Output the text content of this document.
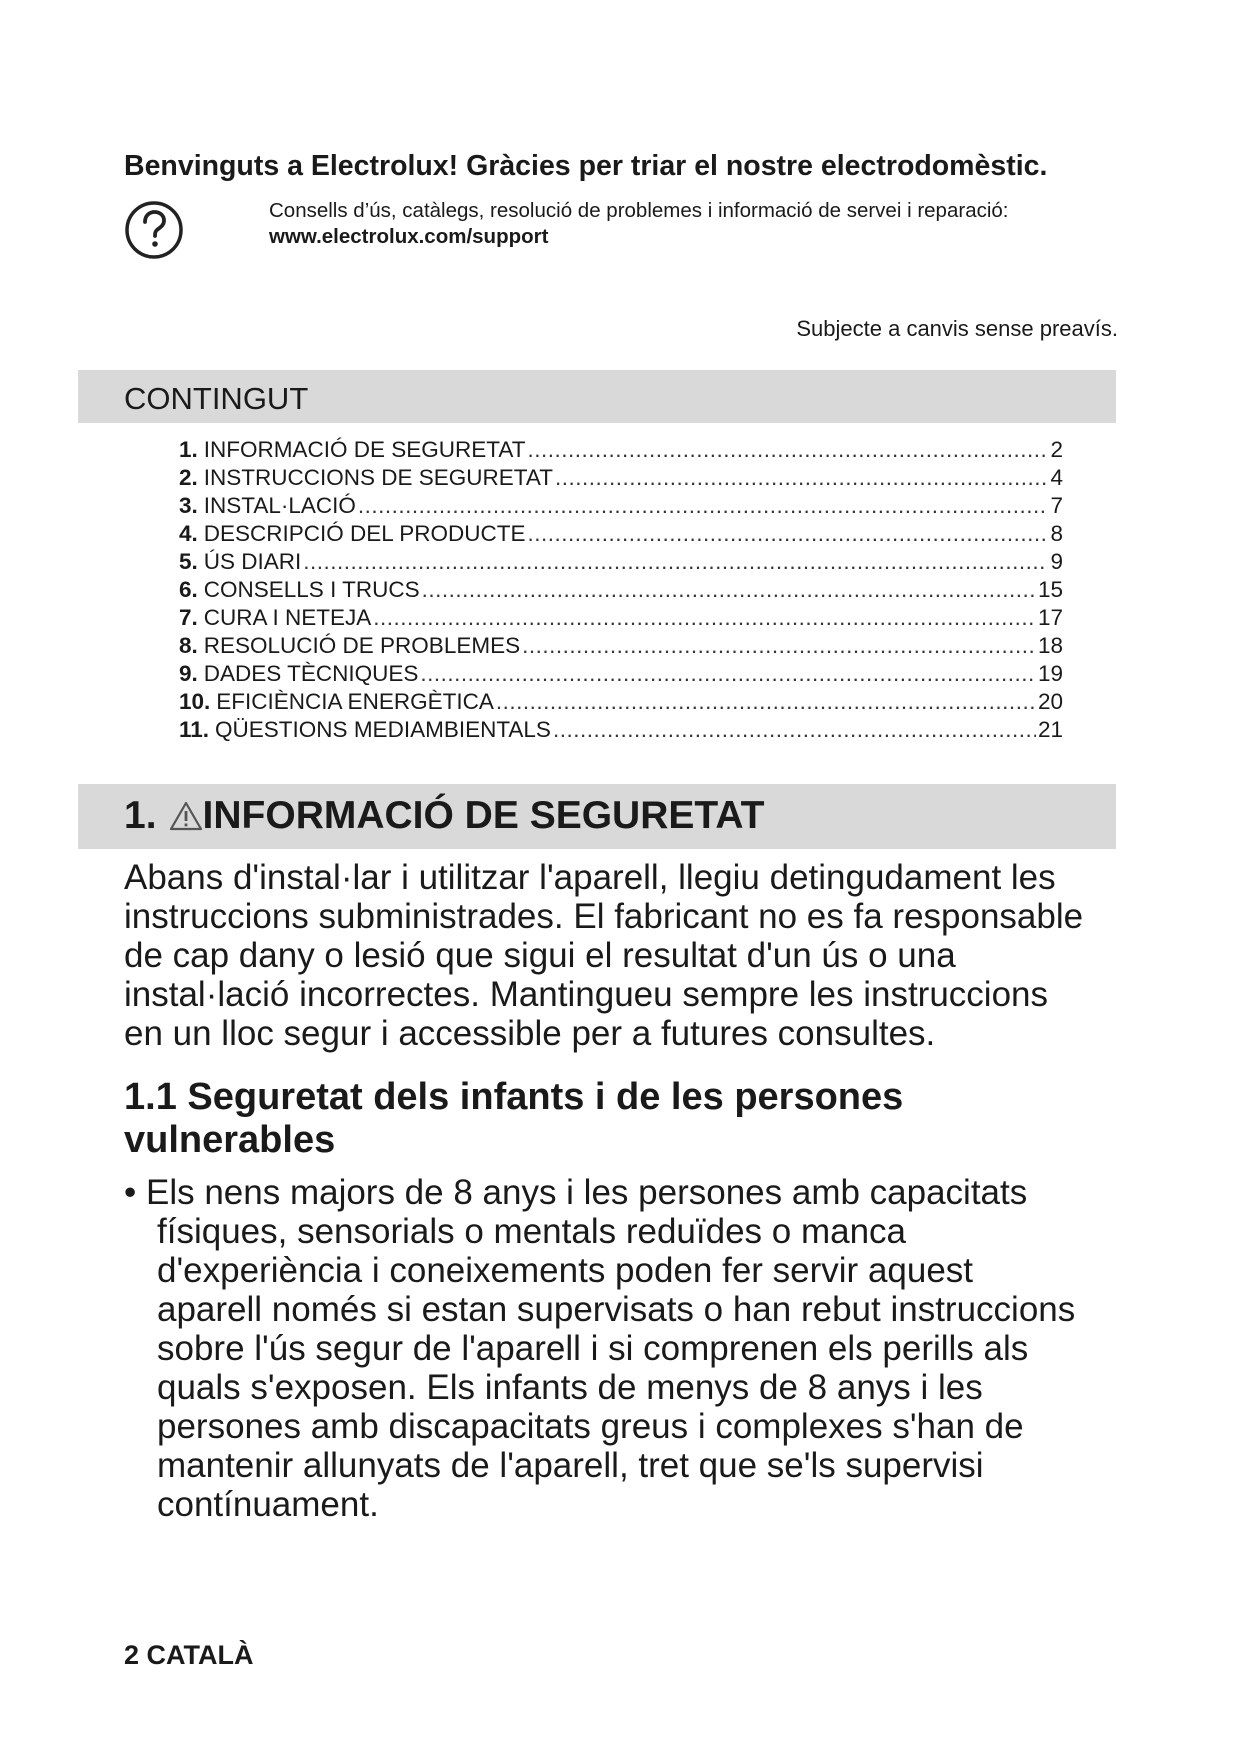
Benvinguts a Electrolux! Gràcies per triar el nostre electrodomèstic.
Consells d’ús, catàlegs, resolució de problemes i informació de servei i reparació:
www.electrolux.com/support
Subjecte a canvis sense preavís.
CONTINGUT
1. INFORMACIÓ DE SEGURETAT .....	2
2. INSTRUCCIONS DE SEGURETAT .....	4
3. INSTAL·LACIÓ .....	7
4. DESCRIPCIÓ DEL PRODUCTE .....	8
5. ÚS DIARI .....	9
6. CONSELLS I TRUCS .....	15
7. CURA I NETEJA .....	17
8. RESOLUCIÓ DE PROBLEMES .....	18
9. DADES TÈCNIQUES .....	19
10. EFICIÈNCIA ENERGÈTICA .....	20
11. QÜESTIONS MEDIAMBIENTALS .....	21
1. INFORMACIÓ DE SEGURETAT

Abans d'instal·lar i utilitzar l'aparell, llegiu detingudament les
instruccions subministrades. El fabricant no es fa responsable
de cap dany o lesió que sigui el resultat d'un ús o una
instal·lació incorrectes. Mantingueu sempre les instruccions
en un lloc segur i accessible per a futures consultes.

1.1 Seguretat dels infants i de les persones
vulnerables
• Els nens majors de 8 anys i les persones amb capacitats
físiques, sensorials o mentals reduïdes o manca
d'experiència i coneixements poden fer servir aquest
aparell només si estan supervisats o han rebut instruccions
sobre l'ús segur de l'aparell i si comprenen els perills als
quals s'exposen. Els infants de menys de 8 anys i les
persones amb discapacitats greus i complexes s'han de
mantenir allunyats de l'aparell, tret que se'ls supervisi
contínuament.
2 CATALÀ
